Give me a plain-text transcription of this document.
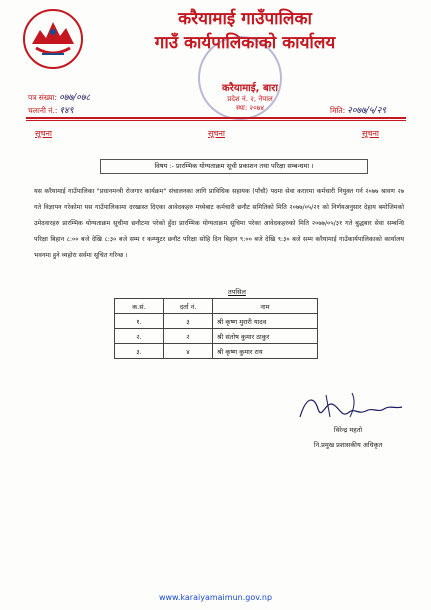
करैयामाई गाउँपालिका
गाउँ कार्यपालिकाको कार्यालय
करैयामाई, बारा
प्रदेश नं. २, नेपाल
स्था: २०७४
पत्र संख्या: ०७७/०७८
चलानी नं.: १४९	मिति: २०७७/५/२९
सूचना	सूचना	सूचना
विषय :- प्रारम्भिक योग्यताक्रम सूची प्रकाशन तथा परिक्षा सम्बन्धमा ।
यस करैयामाई गाउँपालिका "प्रधानमन्त्री रोजगार कार्यक्रम" संचालनका लागि प्राविधिक सहायक (पाँचौ) पदमा सेवा करारमा कर्मचारी नियुक्त गर्न २०७७ श्रावण २७ गते विज्ञापन गरेकोमा यस गाउँपालिकामा दरखास्त दिएका आवेदकहरु मध्येबाट कर्मचारी छनौट समितिको मिति २०७७/०५/२१ को निर्णयअनुसार देहाय बमोजिमको उमेदवारहरु प्रारम्भिक योग्यताक्रम सूचीमा छनौटमा परेको हुँदा प्रारम्भिक योग्यताक्रम सूचिमा परेका आवेदकहरुको मिति २०७७/०५/३१ गते बुद्धबार सेवा सम्बन्धि परिक्षा बिहान ८:०० बजे देखि ८:३० बजे सम्म र कम्प्युटर छनौट परिक्षा सोहि दिन बिहान ९:०० बजे देखि ९:३० बजे सम्म करैयामाई गाउँकार्यपालिकाको कार्यालय भवनमा हुने व्यहोरा सर्वमा सूचित गरिन्छ ।
तपसिल
क.सं.	दर्ता नं.	नाम
१.	३	श्री कृष्ण मुरारी यादव
२.	२	श्री संतोष कुमार ठाकुर
३.	४	श्री कृष्ण कुमार राय
विरेन्द्र महतो
नि.प्रमुख प्रशासकीय अधिकृत
www.karaiyamaimun.gov.np
